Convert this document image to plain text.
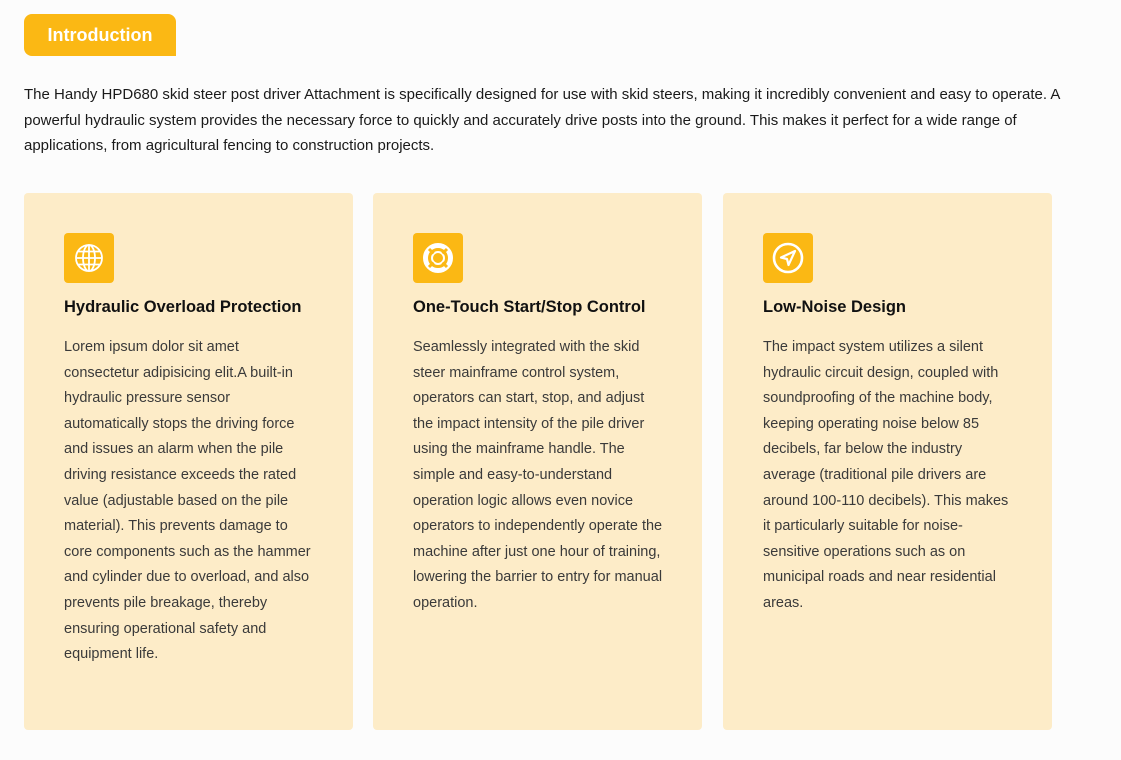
Introduction

The Handy HPD680 skid steer post driver Attachment is specifically designed for use with skid steers, making it incredibly convenient and easy to operate. A powerful hydraulic system provides the necessary force to quickly and accurately drive posts into the ground. This makes it perfect for a wide range of applications, from agricultural fencing to construction projects.

Hydraulic Overload Protection

Lorem ipsum dolor sit amet consectetur adipisicing elit.A built-in hydraulic pressure sensor automatically stops the driving force and issues an alarm when the pile driving resistance exceeds the rated value (adjustable based on the pile material). This prevents damage to core components such as the hammer and cylinder due to overload, and also prevents pile breakage, thereby ensuring operational safety and equipment life.

One-Touch Start/Stop Control

Seamlessly integrated with the skid steer mainframe control system, operators can start, stop, and adjust the impact intensity of the pile driver using the mainframe handle. The simple and easy-to-understand operation logic allows even novice operators to independently operate the machine after just one hour of training, lowering the barrier to entry for manual operation.

Low-Noise Design

The impact system utilizes a silent hydraulic circuit design, coupled with soundproofing of the machine body, keeping operating noise below 85 decibels, far below the industry average (traditional pile drivers are around 100-110 decibels). This makes it particularly suitable for noise-sensitive operations such as on municipal roads and near residential areas.
